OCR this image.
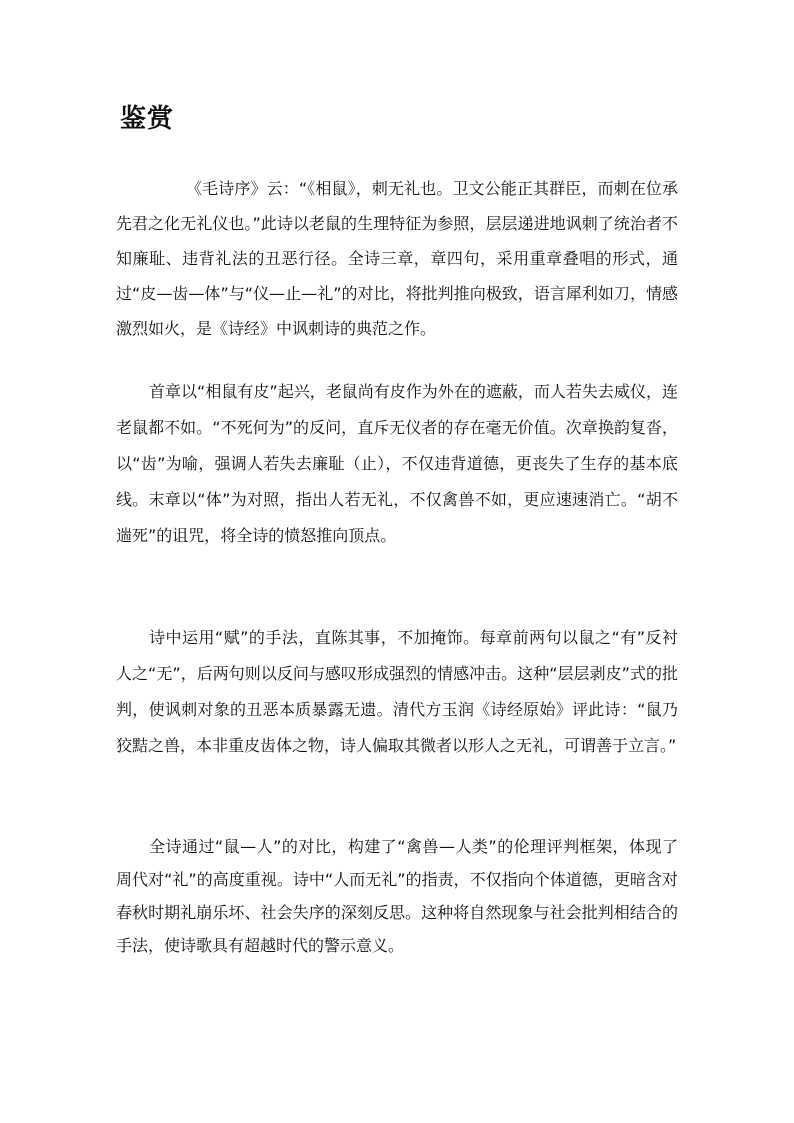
鉴赏

《毛诗序》云：“《相鼠》，刺无礼也。卫文公能正其群臣，而刺在位承先君之化无礼仪也。”此诗以老鼠的生理特征为参照，层层递进地讽刺了统治者不知廉耻、违背礼法的丑恶行径。全诗三章，章四句，采用重章叠唱的形式，通过“皮—齿—体”与“仪—止—礼”的对比，将批判推向极致，语言犀利如刀，情感激烈如火，是《诗经》中讽刺诗的典范之作。

首章以“相鼠有皮”起兴，老鼠尚有皮作为外在的遮蔽，而人若失去威仪，连老鼠都不如。“不死何为”的反问，直斥无仪者的存在毫无价值。次章换韵复沓，以“齿”为喻，强调人若失去廉耻（止），不仅违背道德，更丧失了生存的基本底线。末章以“体”为对照，指出人若无礼，不仅禽兽不如，更应速速消亡。“胡不遄死”的诅咒，将全诗的愤怒推向顶点。

诗中运用“赋”的手法，直陈其事，不加掩饰。每章前两句以鼠之“有”反衬人之“无”，后两句则以反问与感叹形成强烈的情感冲击。这种“层层剥皮”式的批判，使讽刺对象的丑恶本质暴露无遗。清代方玉润《诗经原始》评此诗：“鼠乃狡黠之兽，本非重皮齿体之物，诗人偏取其微者以形人之无礼，可谓善于立言。”

全诗通过“鼠—人”的对比，构建了“禽兽—人类”的伦理评判框架，体现了周代对“礼”的高度重视。诗中“人而无礼”的指责，不仅指向个体道德，更暗含对春秋时期礼崩乐坏、社会失序的深刻反思。这种将自然现象与社会批判相结合的手法，使诗歌具有超越时代的警示意义。
